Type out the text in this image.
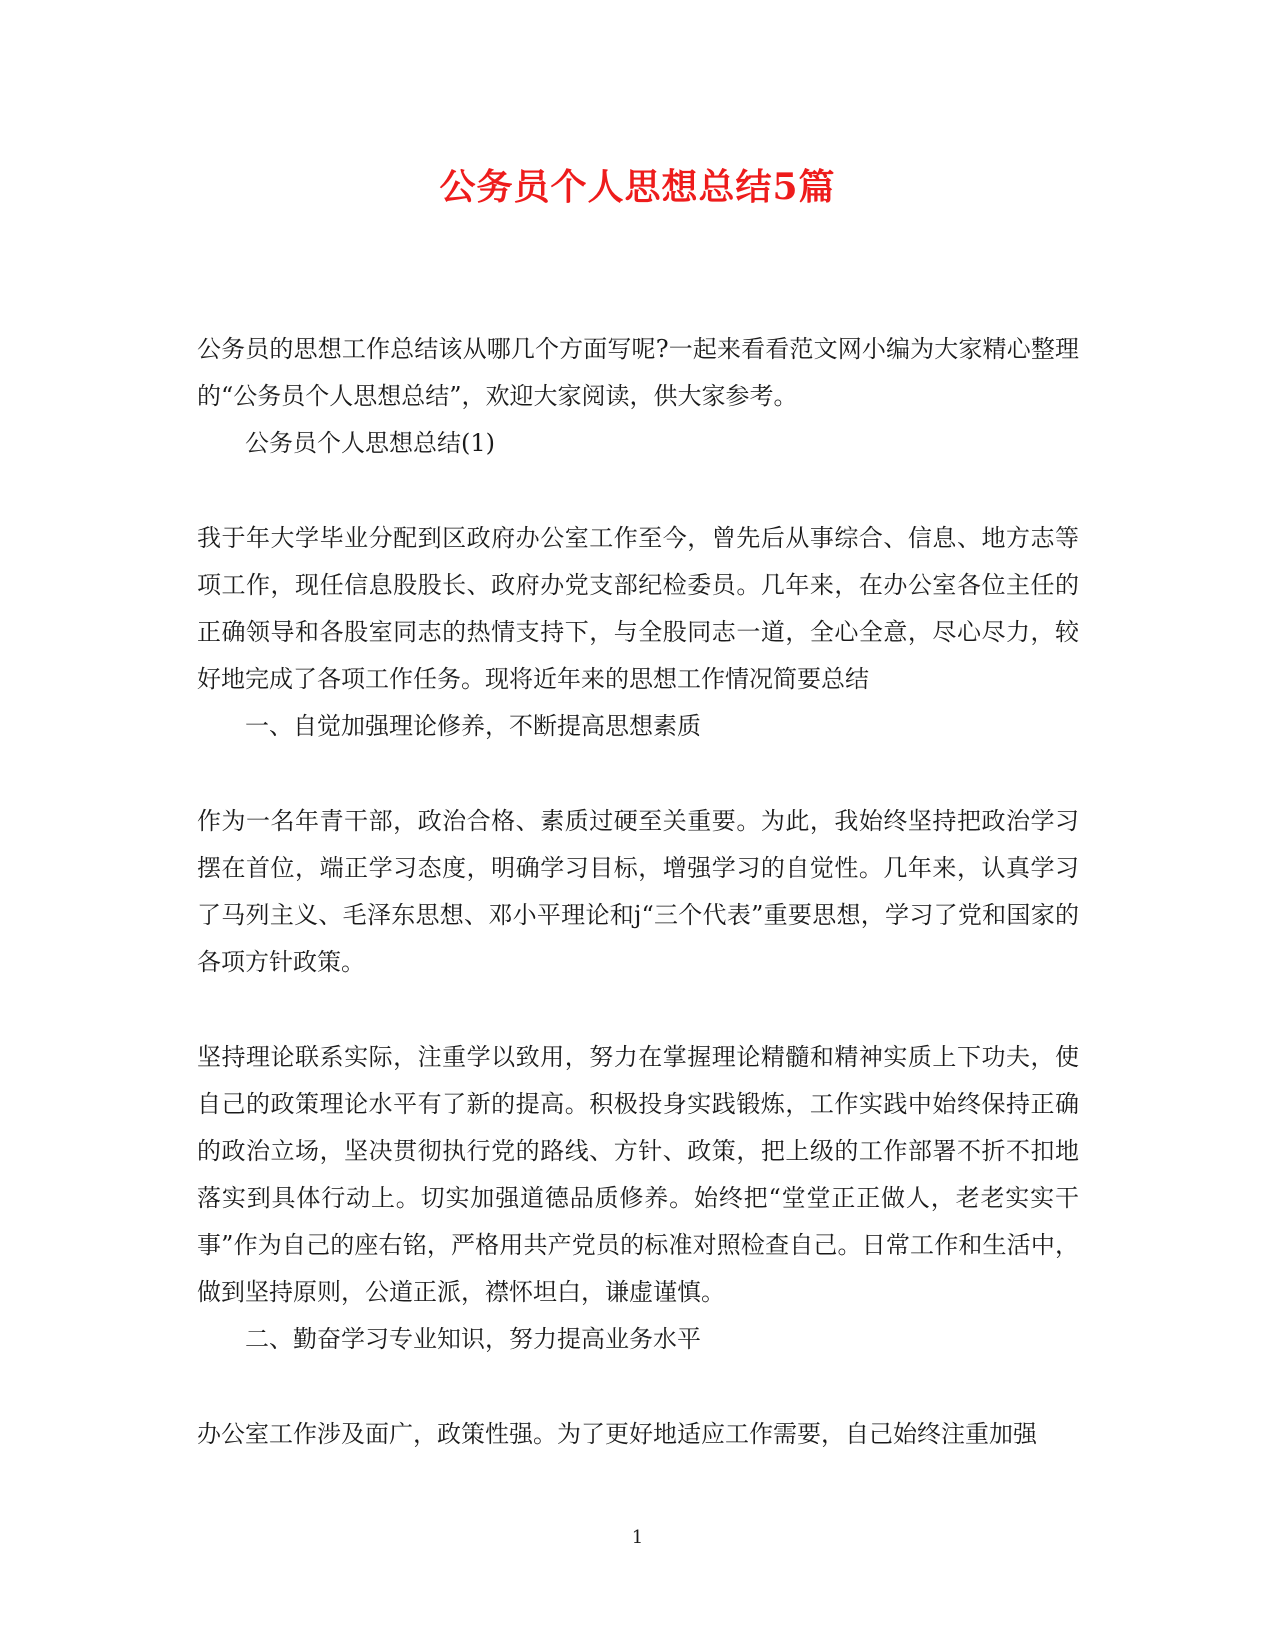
公务员个人思想总结5篇

公务员的思想工作总结该从哪几个方面写呢?一起来看看范文网小编为大家精心整理的“公务员个人思想总结”，欢迎大家阅读，供大家参考。

公务员个人思想总结(1)

我于年大学毕业分配到区政府办公室工作至今，曾先后从事综合、信息、地方志等项工作，现任信息股股长、政府办党支部纪检委员。几年来，在办公室各位主任的正确领导和各股室同志的热情支持下，与全股同志一道，全心全意，尽心尽力，较好地完成了各项工作任务。现将近年来的思想工作情况简要总结

一、自觉加强理论修养，不断提高思想素质

作为一名年青干部，政治合格、素质过硬至关重要。为此，我始终坚持把政治学习摆在首位，端正学习态度，明确学习目标，增强学习的自觉性。几年来，认真学习了马列主义、毛泽东思想、邓小平理论和j“三个代表”重要思想，学习了党和国家的各项方针政策。

坚持理论联系实际，注重学以致用，努力在掌握理论精髓和精神实质上下功夫，使自己的政策理论水平有了新的提高。积极投身实践锻炼，工作实践中始终保持正确的政治立场，坚决贯彻执行党的路线、方针、政策，把上级的工作部署不折不扣地落实到具体行动上。切实加强道德品质修养。始终把“堂堂正正做人，老老实实干事”作为自己的座右铭，严格用共产党员的标准对照检查自己。日常工作和生活中，做到坚持原则，公道正派，襟怀坦白，谦虚谨慎。

二、勤奋学习专业知识，努力提高业务水平

办公室工作涉及面广，政策性强。为了更好地适应工作需要，自己始终注重加强

1
